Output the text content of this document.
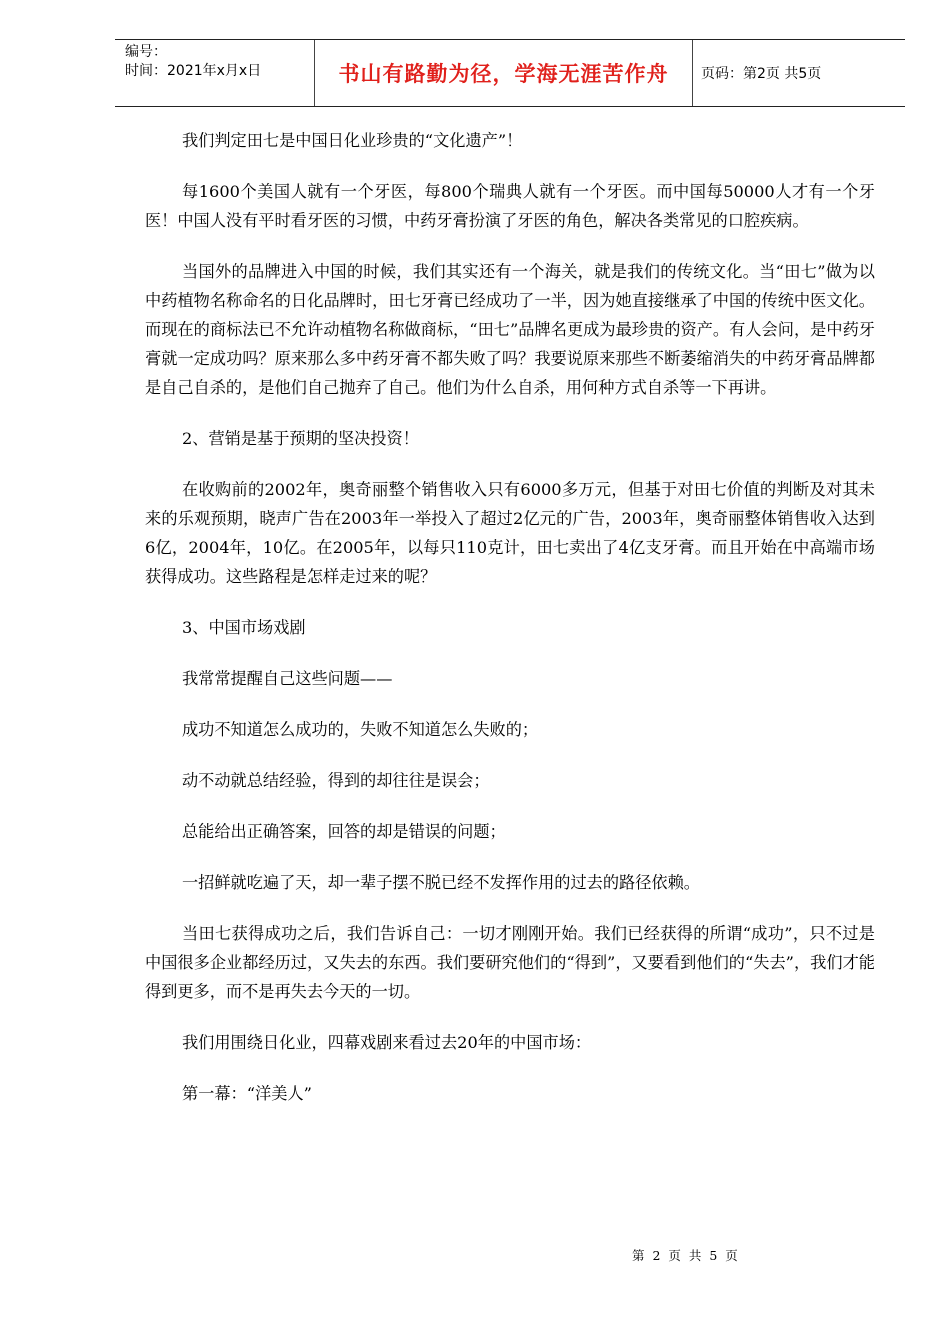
编号：
时间：2021年x月x日	书山有路勤为径，学海无涯苦作舟	页码：第2页 共5页

我们判定田七是中国日化业珍贵的“文化遗产”！

每1600个美国人就有一个牙医，每800个瑞典人就有一个牙医。而中国每50000人才有一个牙医！中国人没有平时看牙医的习惯，中药牙膏扮演了牙医的角色，解决各类常见的口腔疾病。

当国外的品牌进入中国的时候，我们其实还有一个海关，就是我们的传统文化。当“田七”做为以中药植物名称命名的日化品牌时，田七牙膏已经成功了一半，因为她直接继承了中国的传统中医文化。而现在的商标法已不允许动植物名称做商标，“田七”品牌名更成为最珍贵的资产。有人会问，是中药牙膏就一定成功吗？原来那么多中药牙膏不都失败了吗？我要说原来那些不断萎缩消失的中药牙膏品牌都是自己自杀的，是他们自己抛弃了自己。他们为什么自杀，用何种方式自杀等一下再讲。

2、营销是基于预期的坚决投资！

在收购前的2002年，奥奇丽整个销售收入只有6000多万元，但基于对田七价值的判断及对其未来的乐观预期，晓声广告在2003年一举投入了超过2亿元的广告，2003年，奥奇丽整体销售收入达到6亿，2004年，10亿。在2005年，以每只110克计，田七卖出了4亿支牙膏。而且开始在中高端市场获得成功。这些路程是怎样走过来的呢？

3、中国市场戏剧

我常常提醒自己这些问题——

成功不知道怎么成功的，失败不知道怎么失败的；

动不动就总结经验，得到的却往往是误会；

总能给出正确答案，回答的却是错误的问题；

一招鲜就吃遍了天，却一辈子摆不脱已经不发挥作用的过去的路径依赖。

当田七获得成功之后，我们告诉自己：一切才刚刚开始。我们已经获得的所谓“成功”，只不过是中国很多企业都经历过，又失去的东西。我们要研究他们的“得到”，又要看到他们的“失去”，我们才能得到更多，而不是再失去今天的一切。

我们用围绕日化业，四幕戏剧来看过去20年的中国市场：

第一幕：“洋美人”

第 2 页 共 5 页
